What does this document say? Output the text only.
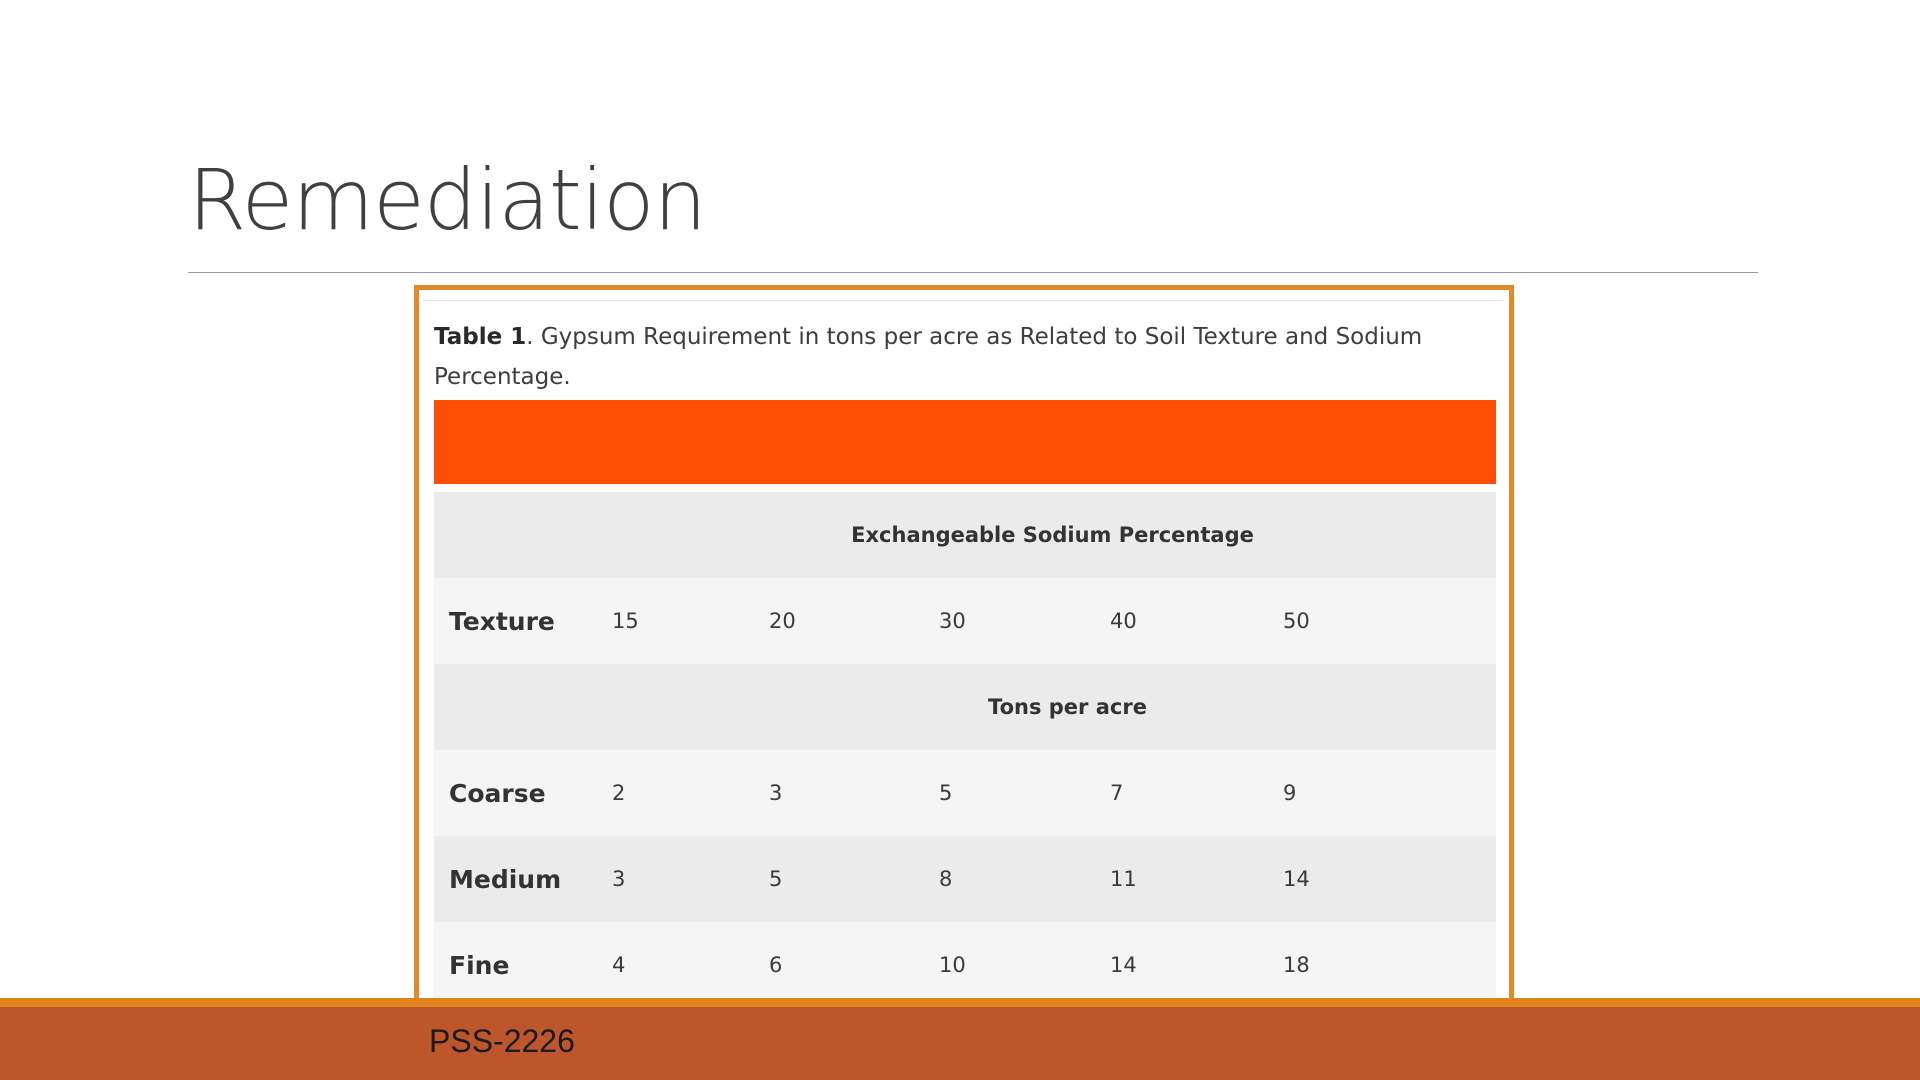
Remediation
Table 1. Gypsum Requirement in tons per acre as Related to Soil Texture and Sodium Percentage.
Exchangeable Sodium Percentage					
Texture	15	20	30	40	50
Tons per acre					
Coarse	2	3	5	7	9
Medium	3	5	8	11	14
Fine	4	6	10	14	18
PSS-2226
